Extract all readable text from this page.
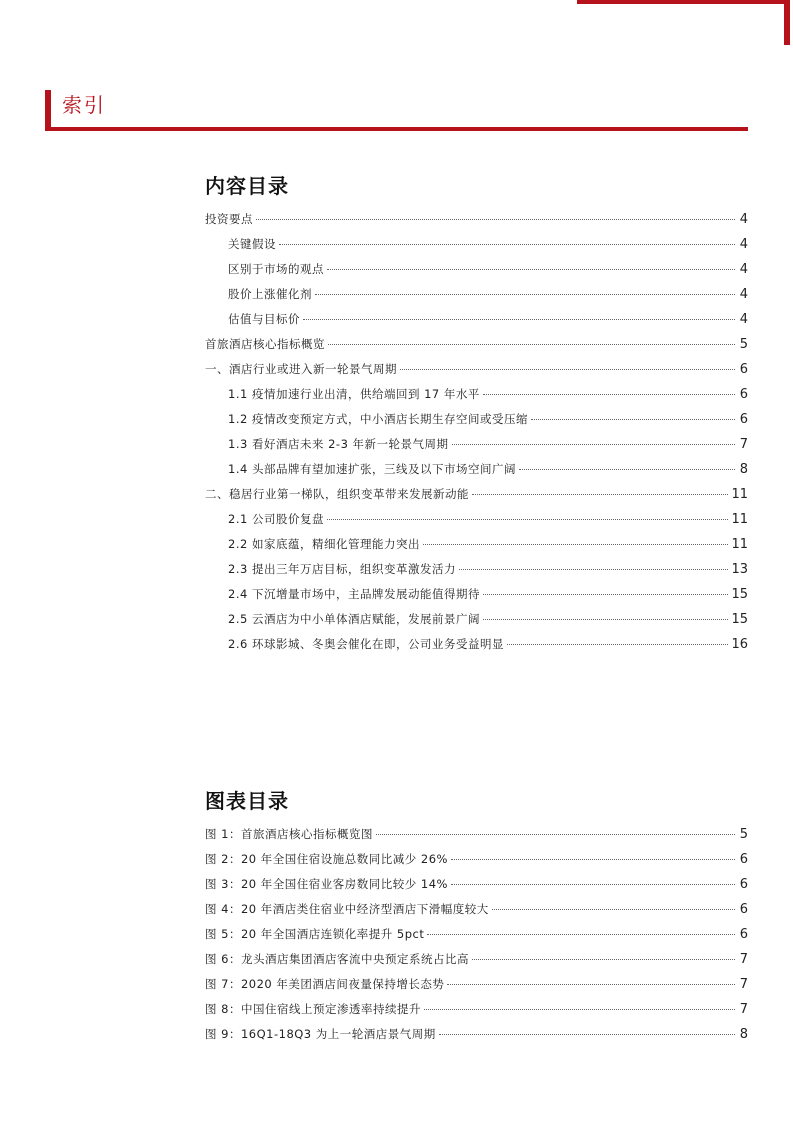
索引
内容目录
投资要点	4
关键假设	4
区别于市场的观点	4
股价上涨催化剂	4
估值与目标价	4
首旅酒店核心指标概览	5
一、酒店行业或进入新一轮景气周期	6
1.1 疫情加速行业出清，供给端回到 17 年水平	6
1.2 疫情改变预定方式，中小酒店长期生存空间或受压缩	6
1.3 看好酒店未来 2-3 年新一轮景气周期	7
1.4 头部品牌有望加速扩张，三线及以下市场空间广阔	8
二、稳居行业第一梯队，组织变革带来发展新动能	11
2.1 公司股价复盘	11
2.2 如家底蕴，精细化管理能力突出	11
2.3 提出三年万店目标，组织变革激发活力	13
2.4 下沉增量市场中，主品牌发展动能值得期待	15
2.5 云酒店为中小单体酒店赋能，发展前景广阔	15
2.6 环球影城、冬奥会催化在即，公司业务受益明显	16
图表目录
图 1：首旅酒店核心指标概览图	5
图 2：20 年全国住宿设施总数同比减少 26%	6
图 3：20 年全国住宿业客房数同比较少 14%	6
图 4：20 年酒店类住宿业中经济型酒店下滑幅度较大	6
图 5：20 年全国酒店连锁化率提升 5pct	6
图 6：龙头酒店集团酒店客流中央预定系统占比高	7
图 7：2020 年美团酒店间夜量保持增长态势	7
图 8：中国住宿线上预定渗透率持续提升	7
图 9：16Q1-18Q3 为上一轮酒店景气周期	8
